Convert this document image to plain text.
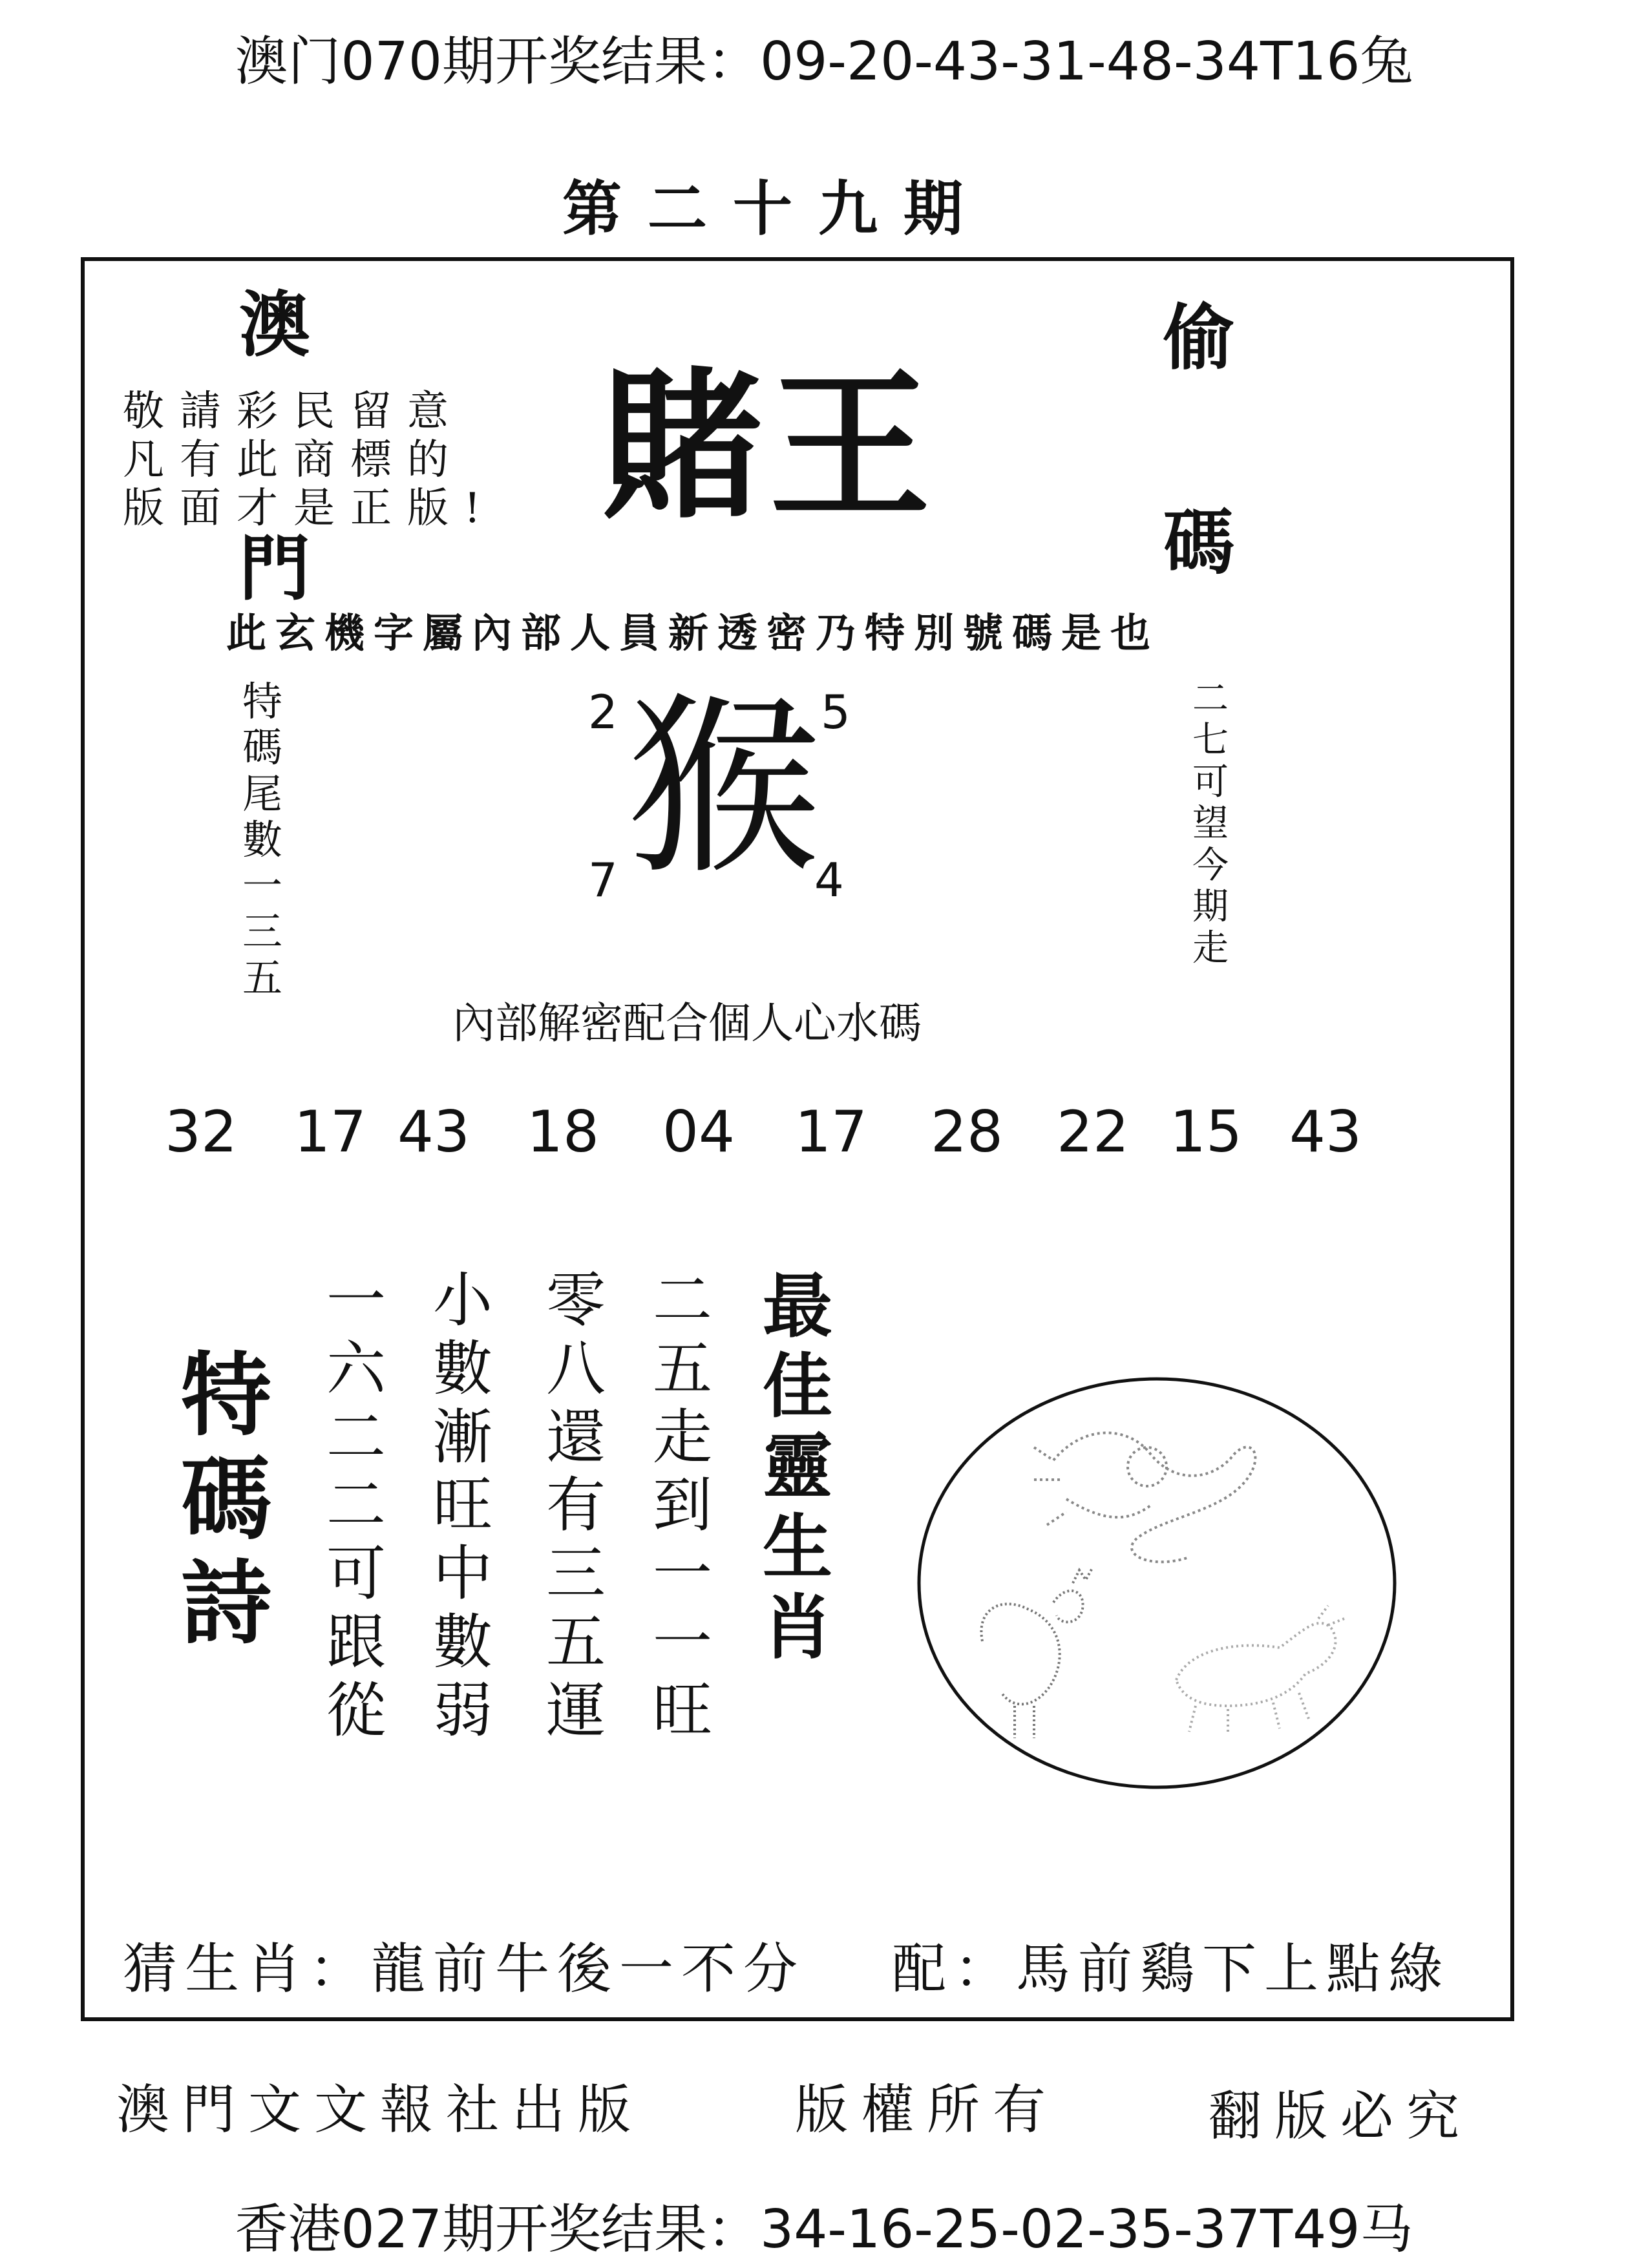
澳门070期开奖结果：09-20-43-31-48-34T16兔
第二十九期
澳
門
敬請彩民留意
凡有此商標的
版面才是正版! 賭王
偷
碼
此玄機字屬內部人員新透密乃特別號碼是也
特
碼
尾
數
一
三
五
2	5
猴
7	4
二
七
可
望
今
期
走
內部解密配合個人心水碼
32 17 43 18 04 17 28 22 15 43
特
碼
詩
一
六
二
二
可
跟
從
小
數
漸
旺
中
數
弱
零
八
還
有
三
五
運
二
五
走
到
一
一
旺
最
佳
靈
生
肖
猜生肖：龍前牛後一不分 配：馬前鷄下上點綠
澳門文文報社出版	版權所有	翻版必究
香港027期开奖结果：34-16-25-02-35-37T49马
